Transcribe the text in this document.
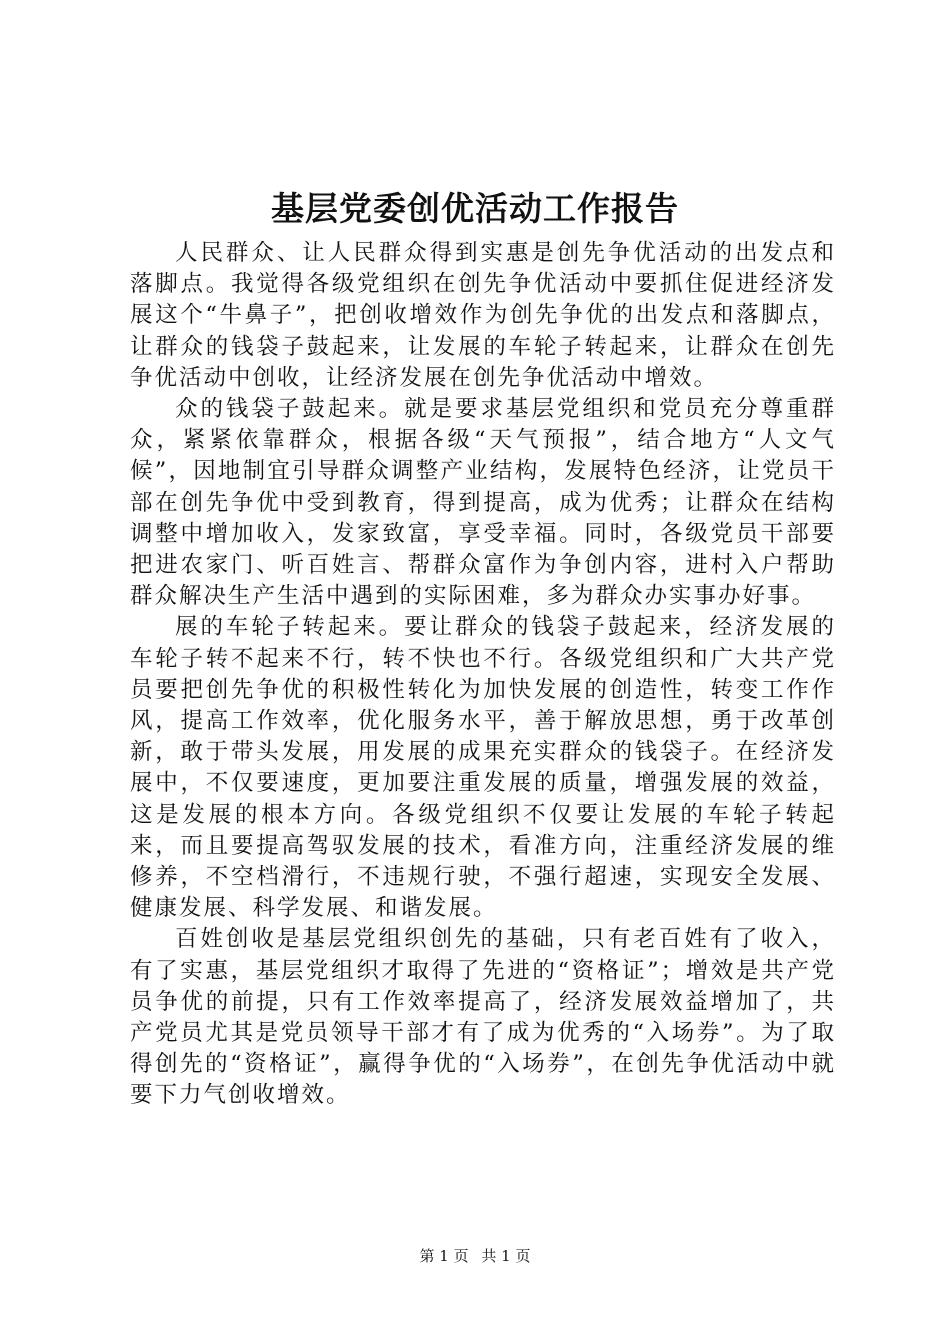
基层党委创优活动工作报告

人民群众、让人民群众得到实惠是创先争优活动的出发点和落脚点。我觉得各级党组织在创先争优活动中要抓住促进经济发展这个“牛鼻子”，把创收增效作为创先争优的出发点和落脚点，让群众的钱袋子鼓起来，让发展的车轮子转起来，让群众在创先争优活动中创收，让经济发展在创先争优活动中增效。

众的钱袋子鼓起来。就是要求基层党组织和党员充分尊重群众，紧紧依靠群众，根据各级“天气预报”，结合地方“人文气候”，因地制宜引导群众调整产业结构，发展特色经济，让党员干部在创先争优中受到教育，得到提高，成为优秀；让群众在结构调整中增加收入，发家致富，享受幸福。同时，各级党员干部要把进农家门、听百姓言、帮群众富作为争创内容，进村入户帮助群众解决生产生活中遇到的实际困难，多为群众办实事办好事。

展的车轮子转起来。要让群众的钱袋子鼓起来，经济发展的车轮子转不起来不行，转不快也不行。各级党组织和广大共产党员要把创先争优的积极性转化为加快发展的创造性，转变工作作风，提高工作效率，优化服务水平，善于解放思想，勇于改革创新，敢于带头发展，用发展的成果充实群众的钱袋子。在经济发展中，不仅要速度，更加要注重发展的质量，增强发展的效益，这是发展的根本方向。各级党组织不仅要让发展的车轮子转起来，而且要提高驾驭发展的技术，看准方向，注重经济发展的维修养，不空档滑行，不违规行驶，不强行超速，实现安全发展、健康发展、科学发展、和谐发展。

百姓创收是基层党组织创先的基础，只有老百姓有了收入，有了实惠，基层党组织才取得了先进的“资格证”；增效是共产党员争优的前提，只有工作效率提高了，经济发展效益增加了，共产党员尤其是党员领导干部才有了成为优秀的“入场券”。为了取得创先的“资格证”，赢得争优的“入场券”，在创先争优活动中就要下力气创收增效。

第 1 页 共 1 页
